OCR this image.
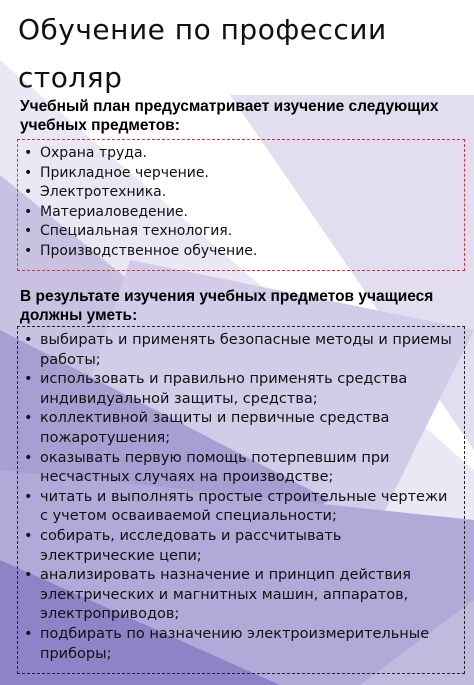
Обучение по профессии столяр
Учебный план предусматривает изучение следующих учебных предметов:
• Охрана труда.
• Прикладное черчение.
• Электротехника.
• Материаловедение.
• Специальная технология.
• Производственное обучение.
В результате изучения учебных предметов учащиеся должны уметь:
• выбирать и применять безопасные методы и приемы работы;
• использовать и правильно применять средства индивидуальной защиты, средства;
• коллективной защиты и первичные средства пожаротушения;
• оказывать первую помощь потерпевшим при несчастных случаях на производстве;
• читать и выполнять простые строительные чертежи с учетом осваиваемой специальности;
• собирать, исследовать и рассчитывать электрические цепи;
• анализировать назначение и принцип действия электрических и магнитных машин, аппаратов, электроприводов;
• подбирать по назначению электроизмерительные приборы;
